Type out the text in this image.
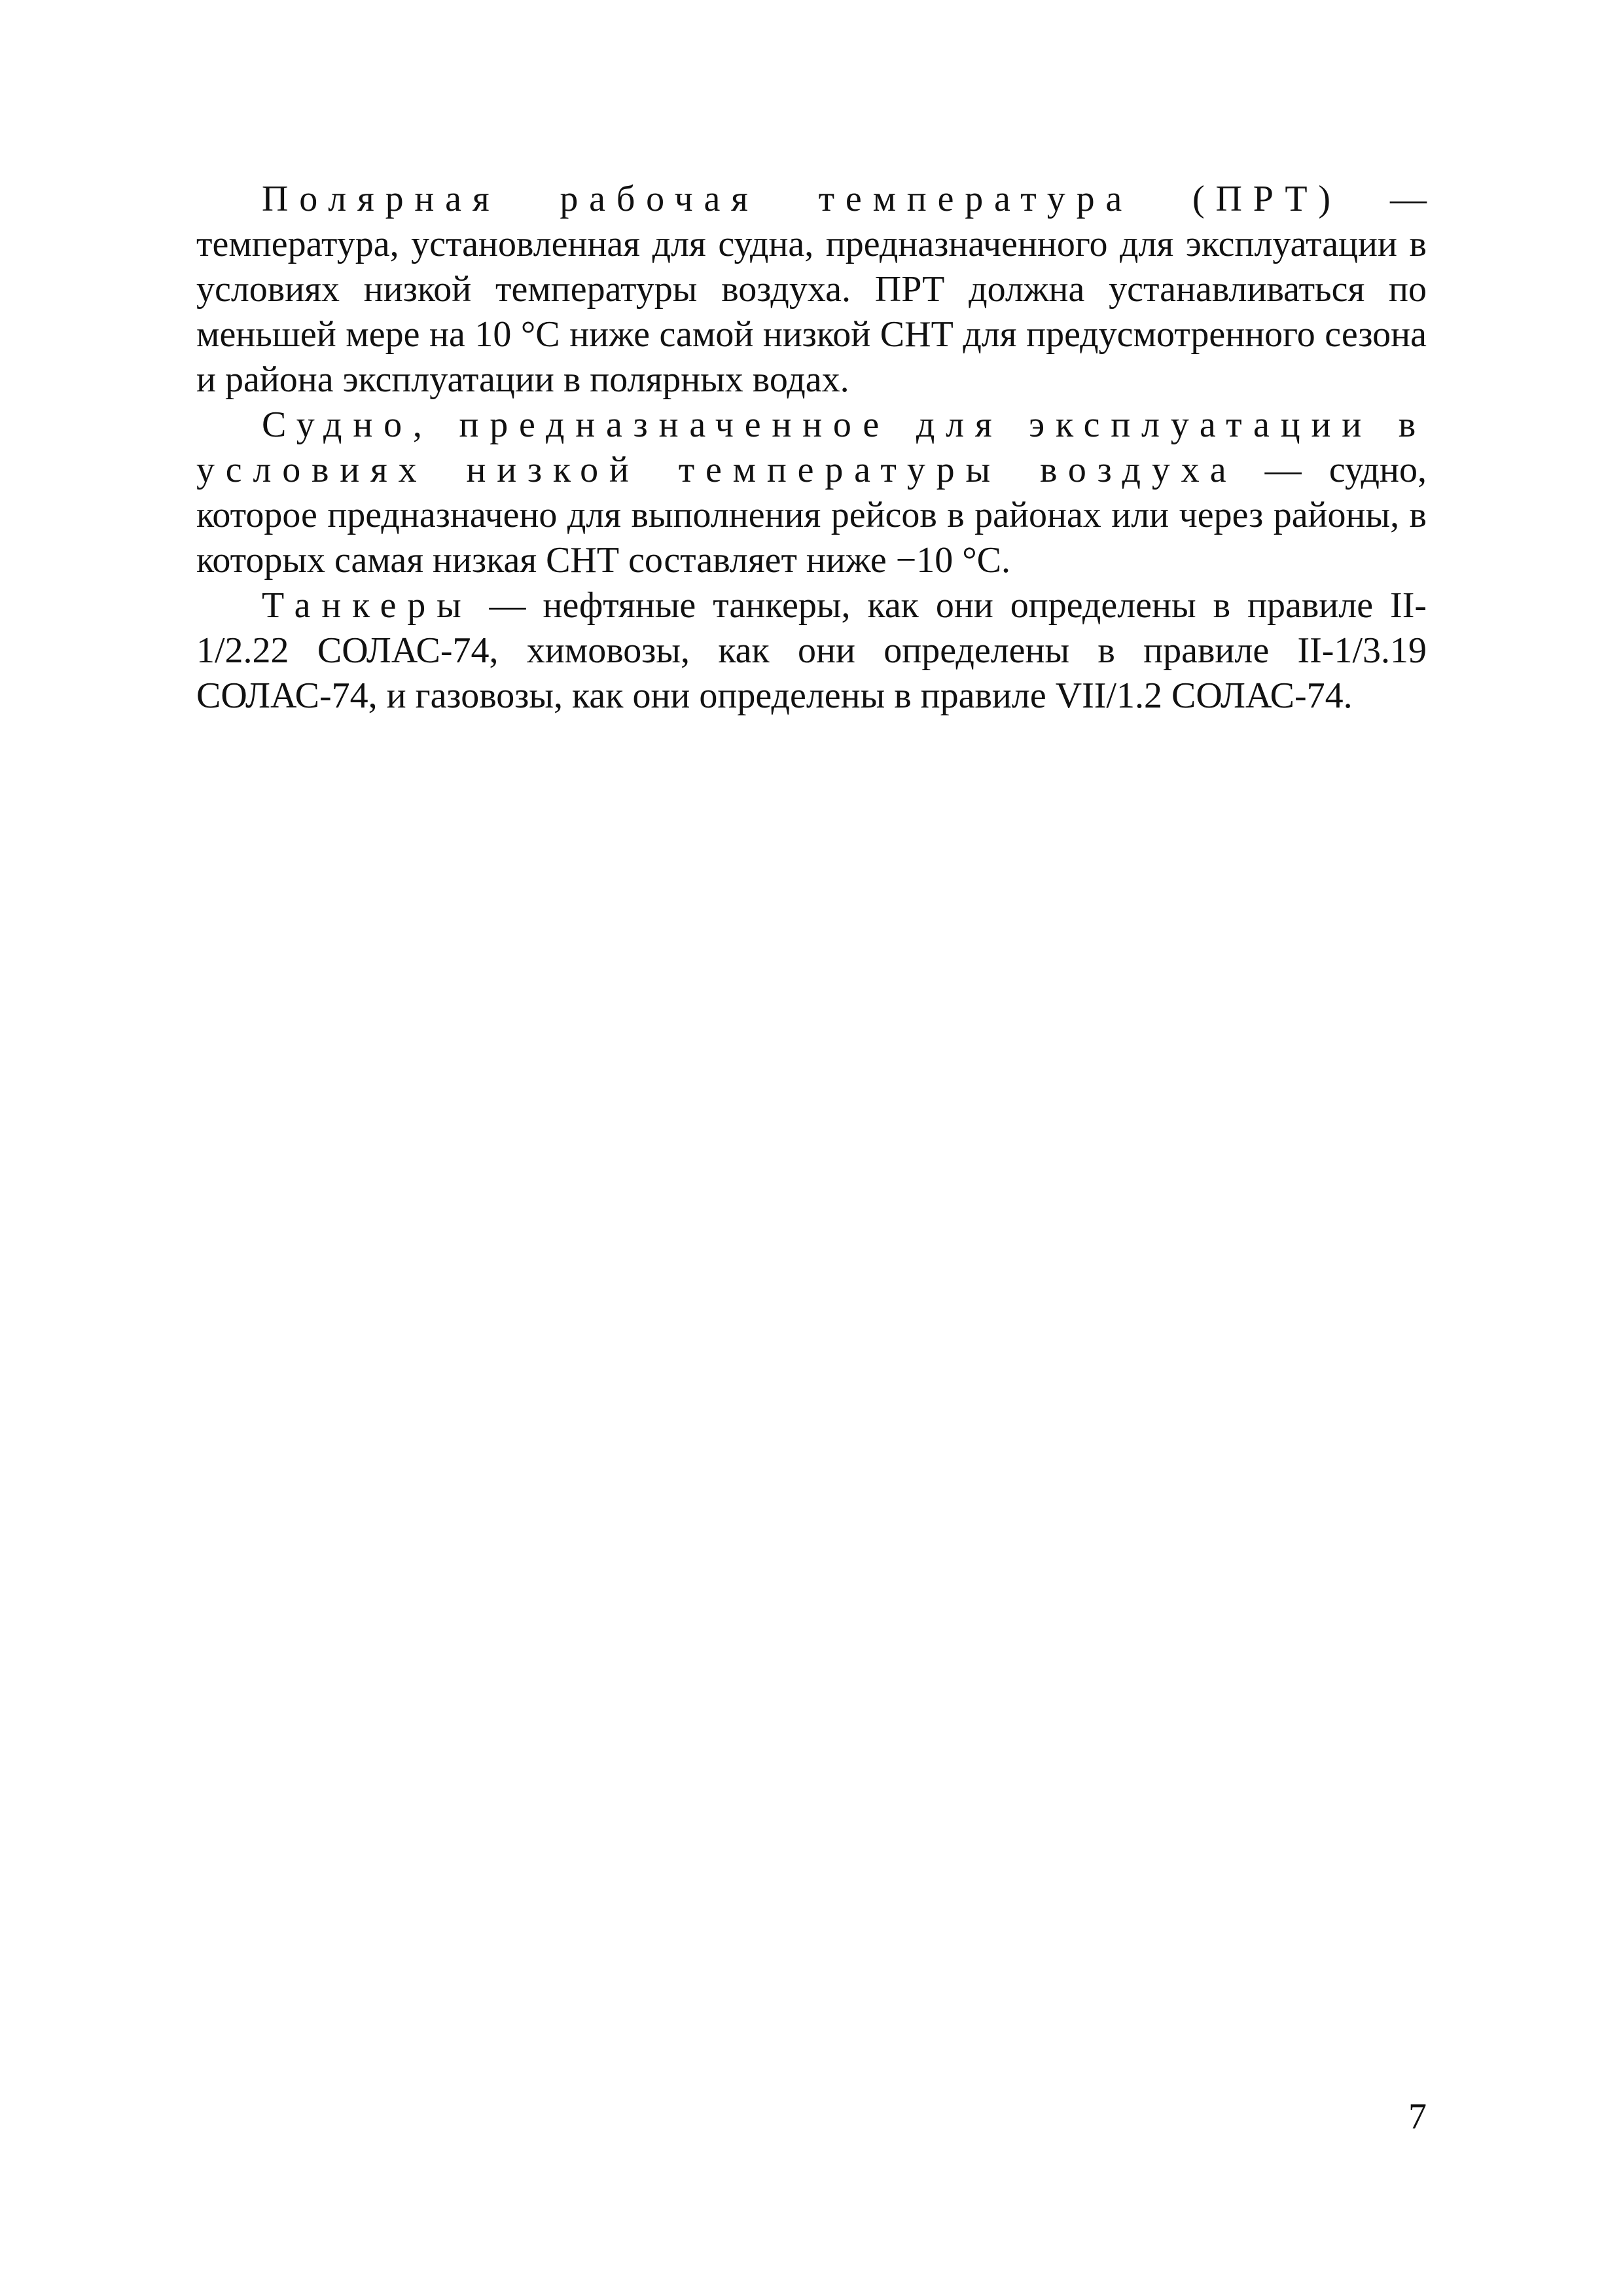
Полярная рабочая температура (ПРТ) — температура, установленная для судна, предназначенного для эксплуатации в условиях низкой температуры воздуха. ПРТ должна устанавливаться по меньшей мере на 10 °С ниже самой низкой СНТ для предусмотренного сезона и района эксплуатации в полярных водах.

Судно, предназначенное для эксплуатации в условиях низкой температуры воздуха — судно, которое предназначено для выполнения рейсов в районах или через районы, в которых самая низкая СНТ составляет ниже −10 °С.

Танкеры — нефтяные танкеры, как они определены в правиле II-1/2.22 СОЛАС-74, химовозы, как они определены в правиле II-1/3.19 СОЛАС-74, и газовозы, как они определены в правиле VII/1.2 СОЛАС-74.

7
